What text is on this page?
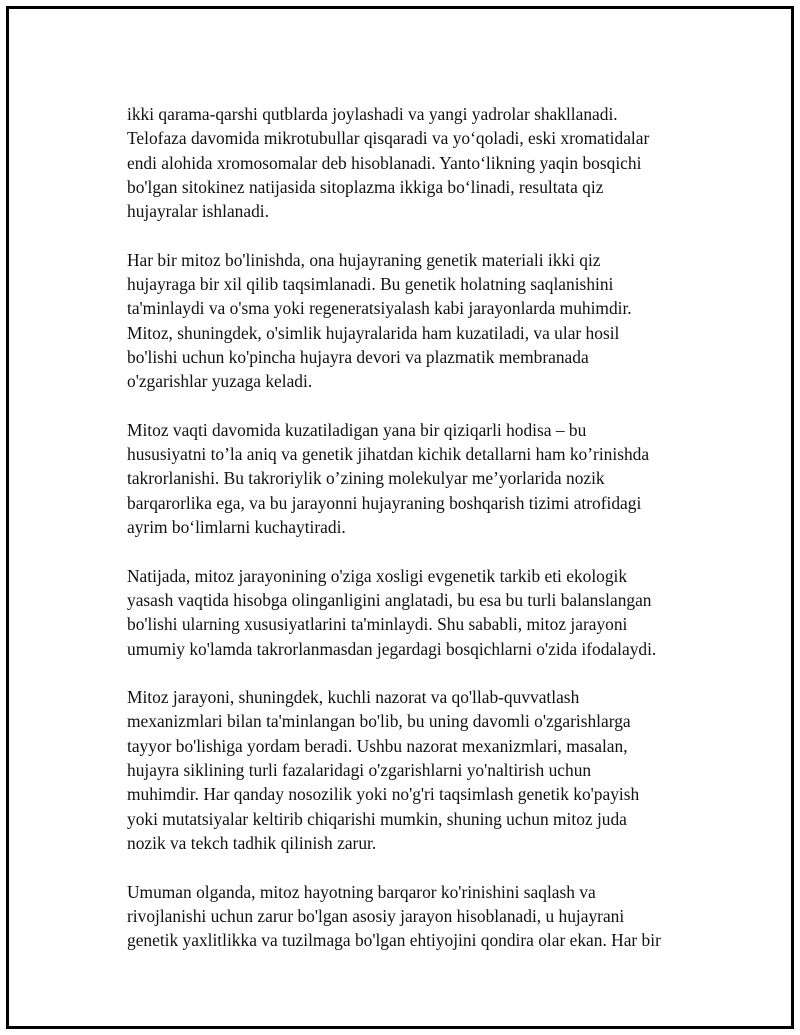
ikki qarama-qarshi qutblarda joylashadi va yangi yadrolar shakllanadi.
Telofaza davomida mikrotubullar qisqaradi va yo‘qoladi, eski xromatidalar
endi alohida xromosomalar deb hisoblanadi. Yanto‘likning yaqin bosqichi
bo'lgan sitokinez natijasida sitoplazma ikkiga bo‘linadi, resultata qiz
hujayralar ishlanadi.

Har bir mitoz bo'linishda, ona hujayraning genetik materiali ikki qiz
hujayraga bir xil qilib taqsimlanadi. Bu genetik holatning saqlanishini
ta'minlaydi va o'sma yoki regeneratsiyalash kabi jarayonlarda muhimdir.
Mitoz, shuningdek, o'simlik hujayralarida ham kuzatiladi, va ular hosil
bo'lishi uchun ko'pincha hujayra devori va plazmatik membranada
o'zgarishlar yuzaga keladi.

Mitoz vaqti davomida kuzatiladigan yana bir qiziqarli hodisa – bu
hususiyatni to’la aniq va genetik jihatdan kichik detallarni ham ko’rinishda
takrorlanishi. Bu takroriylik o’zining molekulyar me’yorlarida nozik
barqarorlika ega, va bu jarayonni hujayraning boshqarish tizimi atrofidagi
ayrim bo‘limlarni kuchaytiradi.

Natijada, mitoz jarayonining o'ziga xosligi evgenetik tarkib eti ekologik
yasash vaqtida hisobga olinganligini anglatadi, bu esa bu turli balanslangan
bo'lishi ularning xususiyatlarini ta'minlaydi. Shu sababli, mitoz jarayoni
umumiy ko'lamda takrorlanmasdan jegardagi bosqichlarni o'zida ifodalaydi.

Mitoz jarayoni, shuningdek, kuchli nazorat va qo'llab-quvvatlash
mexanizmlari bilan ta'minlangan bo'lib, bu uning davomli o'zgarishlarga
tayyor bo'lishiga yordam beradi. Ushbu nazorat mexanizmlari, masalan,
hujayra siklining turli fazalaridagi o'zgarishlarni yo'naltirish uchun
muhimdir. Har qanday nosozilik yoki no'g'ri taqsimlash genetik ko'payish
yoki mutatsiyalar keltirib chiqarishi mumkin, shuning uchun mitoz juda
nozik va tekch tadhik qilinish zarur.

Umuman olganda, mitoz hayotning barqaror ko'rinishini saqlash va
rivojlanishi uchun zarur bo'lgan asosiy jarayon hisoblanadi, u hujayrani
genetik yaxlitlikka va tuzilmaga bo'lgan ehtiyojini qondira olar ekan. Har bir
